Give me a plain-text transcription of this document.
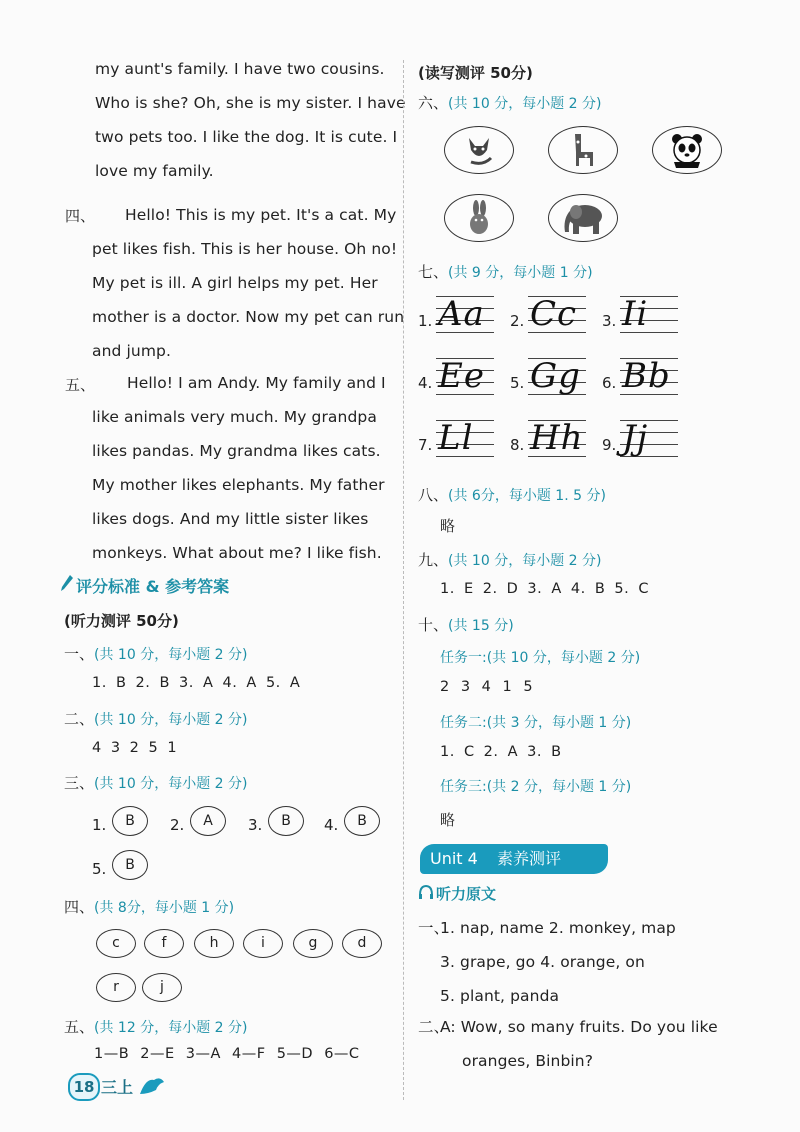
my aunt's family. I have two cousins.
Who is she? Oh, she is my sister. I have
two pets too. I like the dog. It is cute. I
love my family.
四、 Hello! This is my pet. It's a cat. My
pet likes fish. This is her house. Oh no!
My pet is ill. A girl helps my pet. Her
mother is a doctor. Now my pet can run
and jump.
五、 Hello! I am Andy. My family and I
like animals very much. My grandpa
likes pandas. My grandma likes cats.
My mother likes elephants. My father
likes dogs. And my little sister likes
monkeys. What about me? I like fish.
评分标准 & 参考答案
(听力测评 50分)
一、(共 10 分，每小题 2 分)
1. B 2. B 3. A 4. A 5. A
二、(共 10 分，每小题 2 分)
4 3 2 5 1
三、(共 10 分，每小题 2 分)
1.	B	2.	A	3.	B	4.	B
5.	B
四、(共 8分，每小题 1 分)
c	f	h	i	g	d
r	j
五、(共 12 分，每小题 2 分)
1—B 2—E 3—A 4—F 5—D 6—C
18 三上
(读写测评 50分)
六、(共 10 分，每小题 2 分)
七、(共 9 分，每小题 1 分)
1. Aa 2. Cc 3. Ii
4. Ee 5. Gg 6. Bb
7. Ll 8. Hh 9. Jj
八、(共 6分，每小题 1. 5 分)
略
九、(共 10 分，每小题 2 分)
1. E 2. D 3. A 4. B 5. C
十、(共 15 分)
任务一:(共 10 分，每小题 2 分)
2 3 4 1 5
任务二:(共 3 分，每小题 1 分)
1. C 2. A 3. B
任务三:(共 2 分，每小题 1 分)
略
Unit 4 素养测评
听力原文
一、
1. nap, name 2. monkey, map
3. grape, go 4. orange, on
5. plant, panda
二、
A: Wow, so many fruits. Do you like
oranges, Binbin?
